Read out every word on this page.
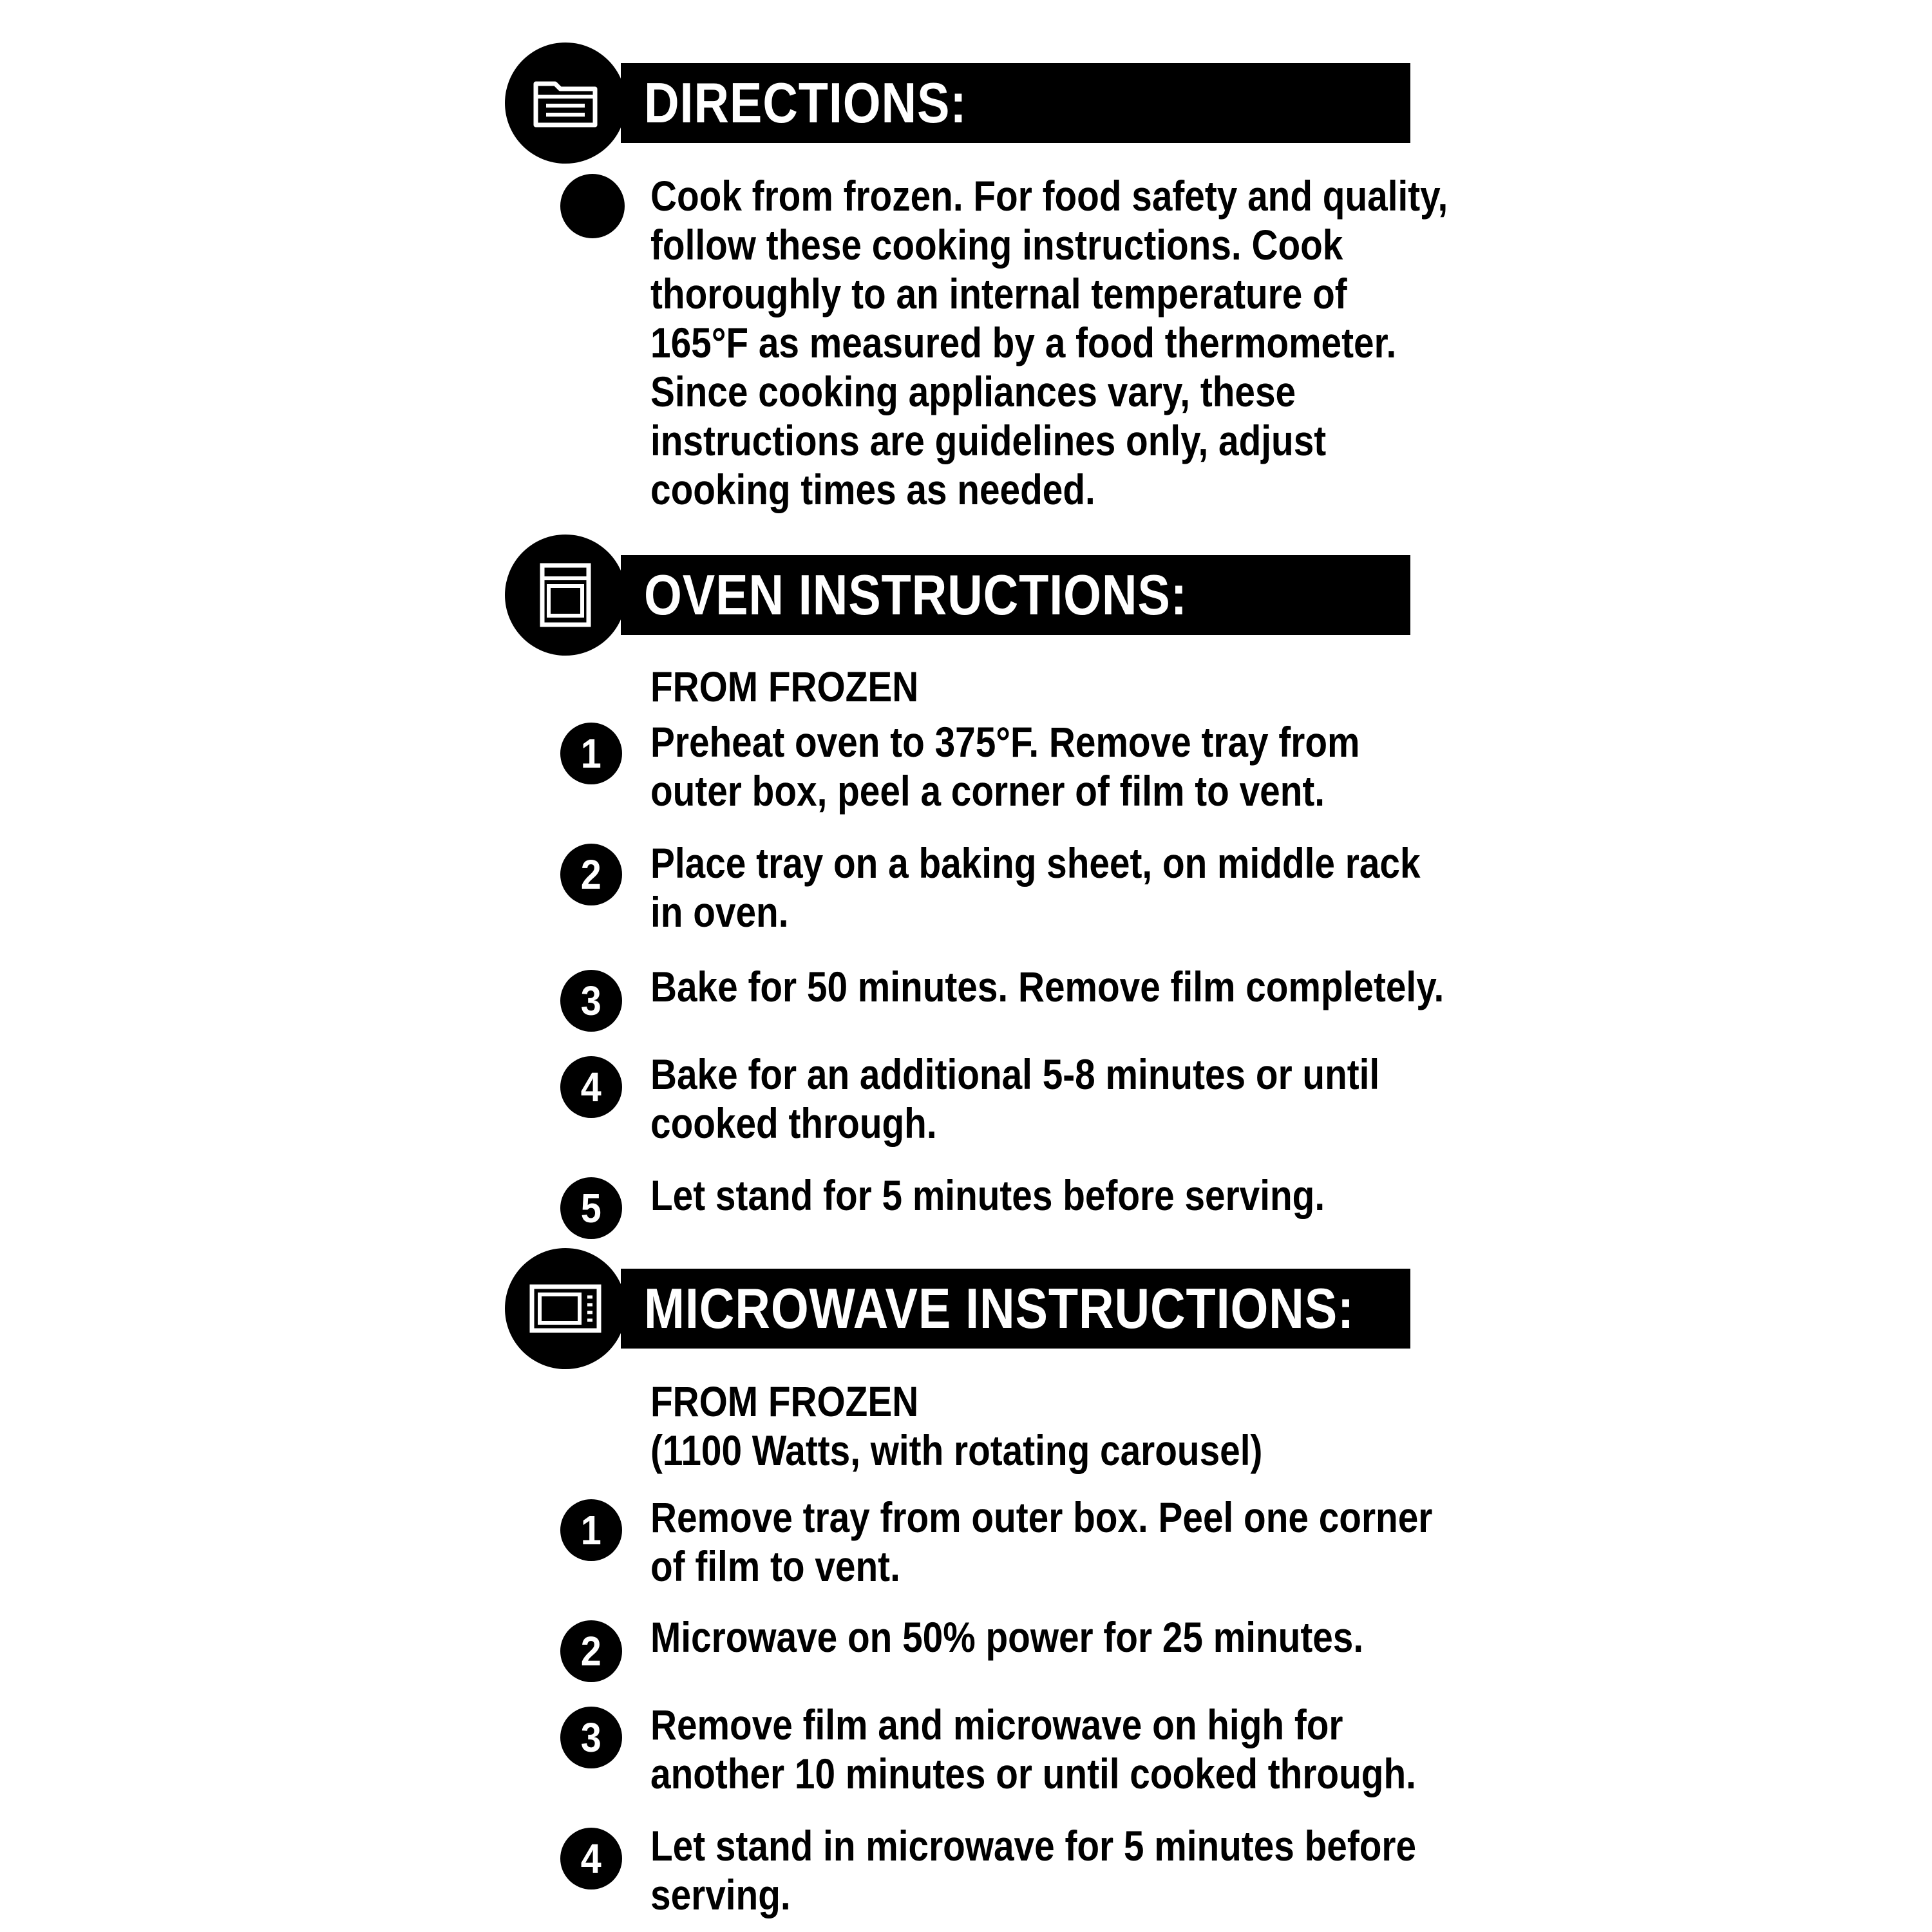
DIRECTIONS:
Cook from frozen. For food safety and quality,
follow these cooking instructions. Cook
thoroughly to an internal temperature of
165°F as measured by a food thermometer.
Since cooking appliances vary, these
instructions are guidelines only, adjust
cooking times as needed.
OVEN INSTRUCTIONS:
FROM FROZEN
1	Preheat oven to 375°F. Remove tray from
outer box, peel a corner of film to vent.
2	Place tray on a baking sheet, on middle rack
in oven.
3	Bake for 50 minutes. Remove film completely.
4	Bake for an additional 5-8 minutes or until
cooked through.
5	Let stand for 5 minutes before serving.
MICROWAVE INSTRUCTIONS:
FROM FROZEN
(1100 Watts, with rotating carousel)
1	Remove tray from outer box. Peel one corner
of film to vent.
2	Microwave on 50% power for 25 minutes.
3	Remove film and microwave on high for
another 10 minutes or until cooked through.
4	Let stand in microwave for 5 minutes before
serving.
